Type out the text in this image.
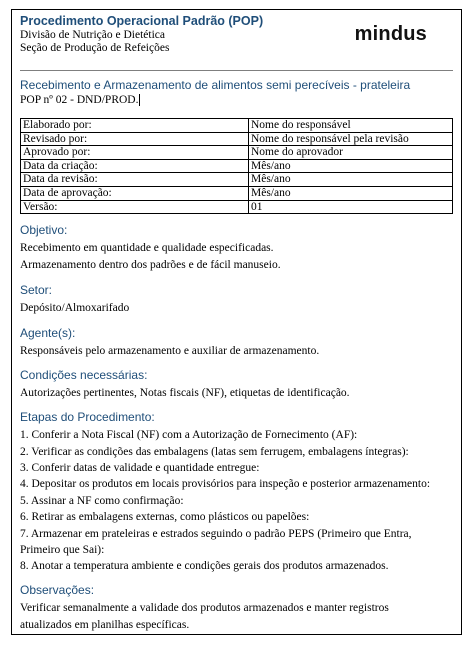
Procedimento Operacional Padrão (POP)

Divisão de Nutrição e Dietética

Seção de Produção de Refeições

mindus

Recebimento e Armazenamento de alimentos semi perecíveis - prateleira

POP nº 02 - DND/PROD.

Elaborado por:	Nome do responsável
Revisado por:	Nome do responsável pela revisão
Aprovado por:	Nome do aprovador
Data da criação:	Mês/ano
Data da revisão:	Mês/ano
Data de aprovação:	Mês/ano
Versão:	01

Objetivo:

Recebimento em quantidade e qualidade especificadas.

Armazenamento dentro dos padrões e de fácil manuseio.

Setor:

Depósito/Almoxarifado

Agente(s):

Responsáveis pelo armazenamento e auxiliar de armazenamento.

Condições necessárias:

Autorizações pertinentes, Notas fiscais (NF), etiquetas de identificação.

Etapas do Procedimento:

1. Conferir a Nota Fiscal (NF) com a Autorização de Fornecimento (AF):
2. Verificar as condições das embalagens (latas sem ferrugem, embalagens íntegras):
3. Conferir datas de validade e quantidade entregue:
4. Depositar os produtos em locais provisórios para inspeção e posterior armazenamento:
5. Assinar a NF como confirmação:
6. Retirar as embalagens externas, como plásticos ou papelões:
7. Armazenar em prateleiras e estrados seguindo o padrão PEPS (Primeiro que Entra,
Primeiro que Sai):
8. Anotar a temperatura ambiente e condições gerais dos produtos armazenados.

Observações:

Verificar semanalmente a validade dos produtos armazenados e manter registros

atualizados em planilhas específicas.
